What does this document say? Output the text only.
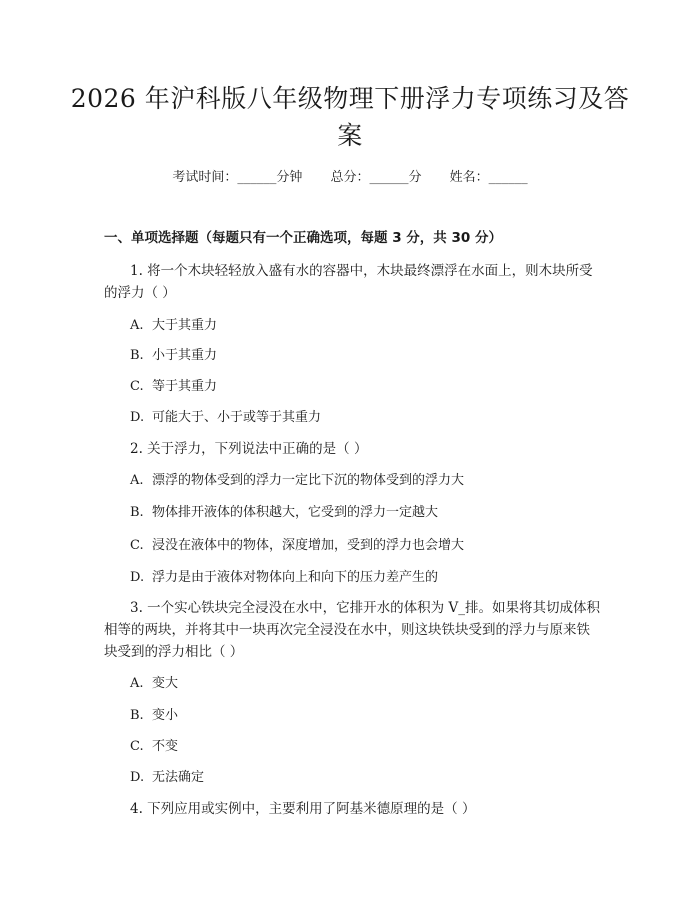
2026 年沪科版八年级物理下册浮力专项练习及答案
考试时间：______分钟 总分：______分 姓名：______
一、单项选择题（每题只有一个正确选项，每题 3 分，共 30 分）

1. 将一个木块轻轻放入盛有水的容器中，木块最终漂浮在水面上，则木块所受的浮力（ ）

A. 大于其重力
B. 小于其重力
C. 等于其重力
D. 可能大于、小于或等于其重力

2. 关于浮力，下列说法中正确的是（ ）

A. 漂浮的物体受到的浮力一定比下沉的物体受到的浮力大
B. 物体排开液体的体积越大，它受到的浮力一定越大
C. 浸没在液体中的物体，深度增加，受到的浮力也会增大
D. 浮力是由于液体对物体向上和向下的压力差产生的

3. 一个实心铁块完全浸没在水中，它排开水的体积为 V_排。如果将其切成体积相等的两块，并将其中一块再次完全浸没在水中，则这块铁块受到的浮力与原来铁块受到的浮力相比（ ）

A. 变大
B. 变小
C. 不变
D. 无法确定

4. 下列应用或实例中，主要利用了阿基米德原理的是（ ）
